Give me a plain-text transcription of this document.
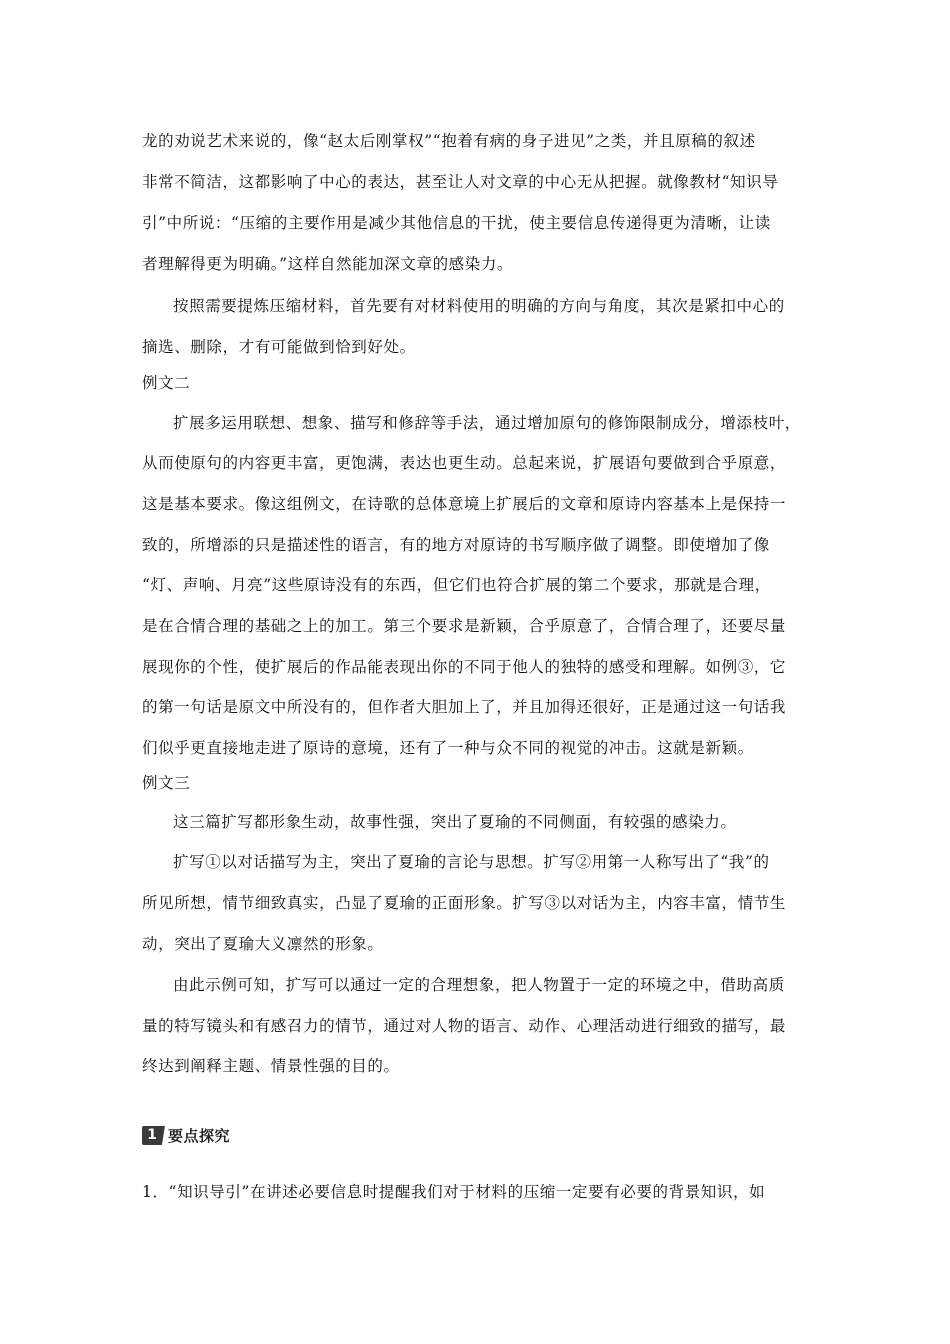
龙的劝说艺术来说的，像“赵太后刚掌权”“抱着有病的身子进见”之类，并且原稿的叙述
非常不简洁，这都影响了中心的表达，甚至让人对文章的中心无从把握。就像教材“知识导
引”中所说：“压缩的主要作用是减少其他信息的干扰，使主要信息传递得更为清晰，让读
者理解得更为明确。”这样自然能加深文章的感染力。
按照需要提炼压缩材料，首先要有对材料使用的明确的方向与角度，其次是紧扣中心的
摘选、删除，才有可能做到恰到好处。
例文二
扩展多运用联想、想象、描写和修辞等手法，通过增加原句的修饰限制成分，增添枝叶，
从而使原句的内容更丰富，更饱满，表达也更生动。总起来说，扩展语句要做到合乎原意，
这是基本要求。像这组例文，在诗歌的总体意境上扩展后的文章和原诗内容基本上是保持一
致的，所增添的只是描述性的语言，有的地方对原诗的书写顺序做了调整。即使增加了像
“灯、声响、月亮”这些原诗没有的东西，但它们也符合扩展的第二个要求，那就是合理，
是在合情合理的基础之上的加工。第三个要求是新颖，合乎原意了，合情合理了，还要尽量
展现你的个性，使扩展后的作品能表现出你的不同于他人的独特的感受和理解。如例③，它
的第一句话是原文中所没有的，但作者大胆加上了，并且加得还很好，正是通过这一句话我
们似乎更直接地走进了原诗的意境，还有了一种与众不同的视觉的冲击。这就是新颖。
例文三
这三篇扩写都形象生动，故事性强，突出了夏瑜的不同侧面，有较强的感染力。
扩写①以对话描写为主，突出了夏瑜的言论与思想。扩写②用第一人称写出了“我”的
所见所想，情节细致真实，凸显了夏瑜的正面形象。扩写③以对话为主，内容丰富，情节生
动，突出了夏瑜大义凛然的形象。
由此示例可知，扩写可以通过一定的合理想象，把人物置于一定的环境之中，借助高质
量的特写镜头和有感召力的情节，通过对人物的语言、动作、心理活动进行细致的描写，最
终达到阐释主题、情景性强的目的。
1 要点探究
1．“知识导引”在讲述必要信息时提醒我们对于材料的压缩一定要有必要的背景知识，如
